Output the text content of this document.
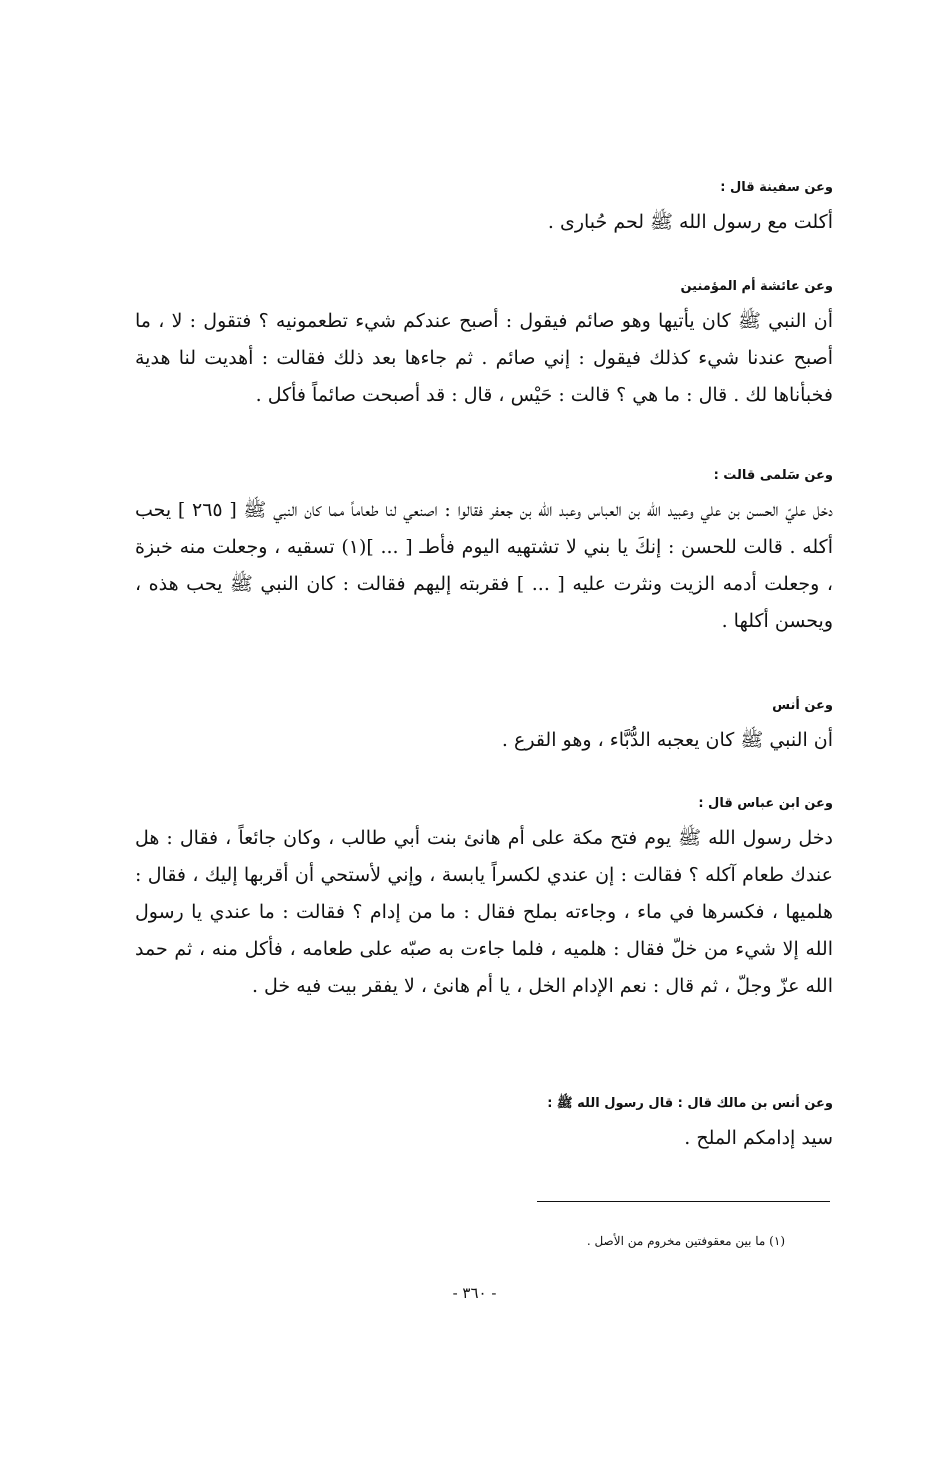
وعن سفينة قال :

أكلت مع رسول الله ﷺ لحم حُبارى .

وعن عائشة أم المؤمنين

أن النبي ﷺ كان يأتيها وهو صائم فيقول : أصبح عندكم شيء تطعمونيه ؟ فتقول : لا ، ما أصبح عندنا شيء كذلك فيقول : إني صائم . ثم جاءها بعد ذلك فقالت : أهديت لنا هدية فخبأناها لك . قال : ما هي ؟ قالت : حَيْس ، قال : قد أصبحت صائماً فأكل .

وعن سَلمى قالت :

دخل عليّ الحسن بن علي وعبيد الله بن العباس وعبد الله بن جعفر فقالوا : اصنعي لنا طعاماً مما كان النبي ﷺ [ ٢٦٥ ] يحب أكله . قالت للحسن : إنكَ يا بني لا تشتهيه اليوم فأطـ [ ... ](١) تسقيه ، وجعلت منه خبزة ، وجعلت أدمه الزيت ونثرت عليه [ ... ] فقربته إليهم فقالت : كان النبي ﷺ يحب هذه ، ويحسن أكلها .

وعن أنس

أن النبي ﷺ كان يعجبه الدُّبَّاء ، وهو القرع .

وعن ابن عباس قال :

دخل رسول الله ﷺ يوم فتح مكة على أم هانئ بنت أبي طالب ، وكان جائعاً ، فقال : هل عندك طعام آكله ؟ فقالت : إن عندي لكسراً يابسة ، وإني لأستحي أن أقربها إليك ، فقال : هلميها ، فكسرها في ماء ، وجاءته بملح فقال : ما من إدام ؟ فقالت : ما عندي يا رسول الله إلا شيء من خلّ فقال : هلميه ، فلما جاءت به صبّه على طعامه ، فأكل منه ، ثم حمد الله عزّ وجلّ ، ثم قال : نعم الإدام الخل ، يا أم هانئ ، لا يفقر بيت فيه خل .

وعن أنس بن مالك قال : قال رسول الله ﷺ :

سيد إدامكم الملح .

(١) ما بين معقوفتين مخروم من الأصل .
- ٣٦٠ -
